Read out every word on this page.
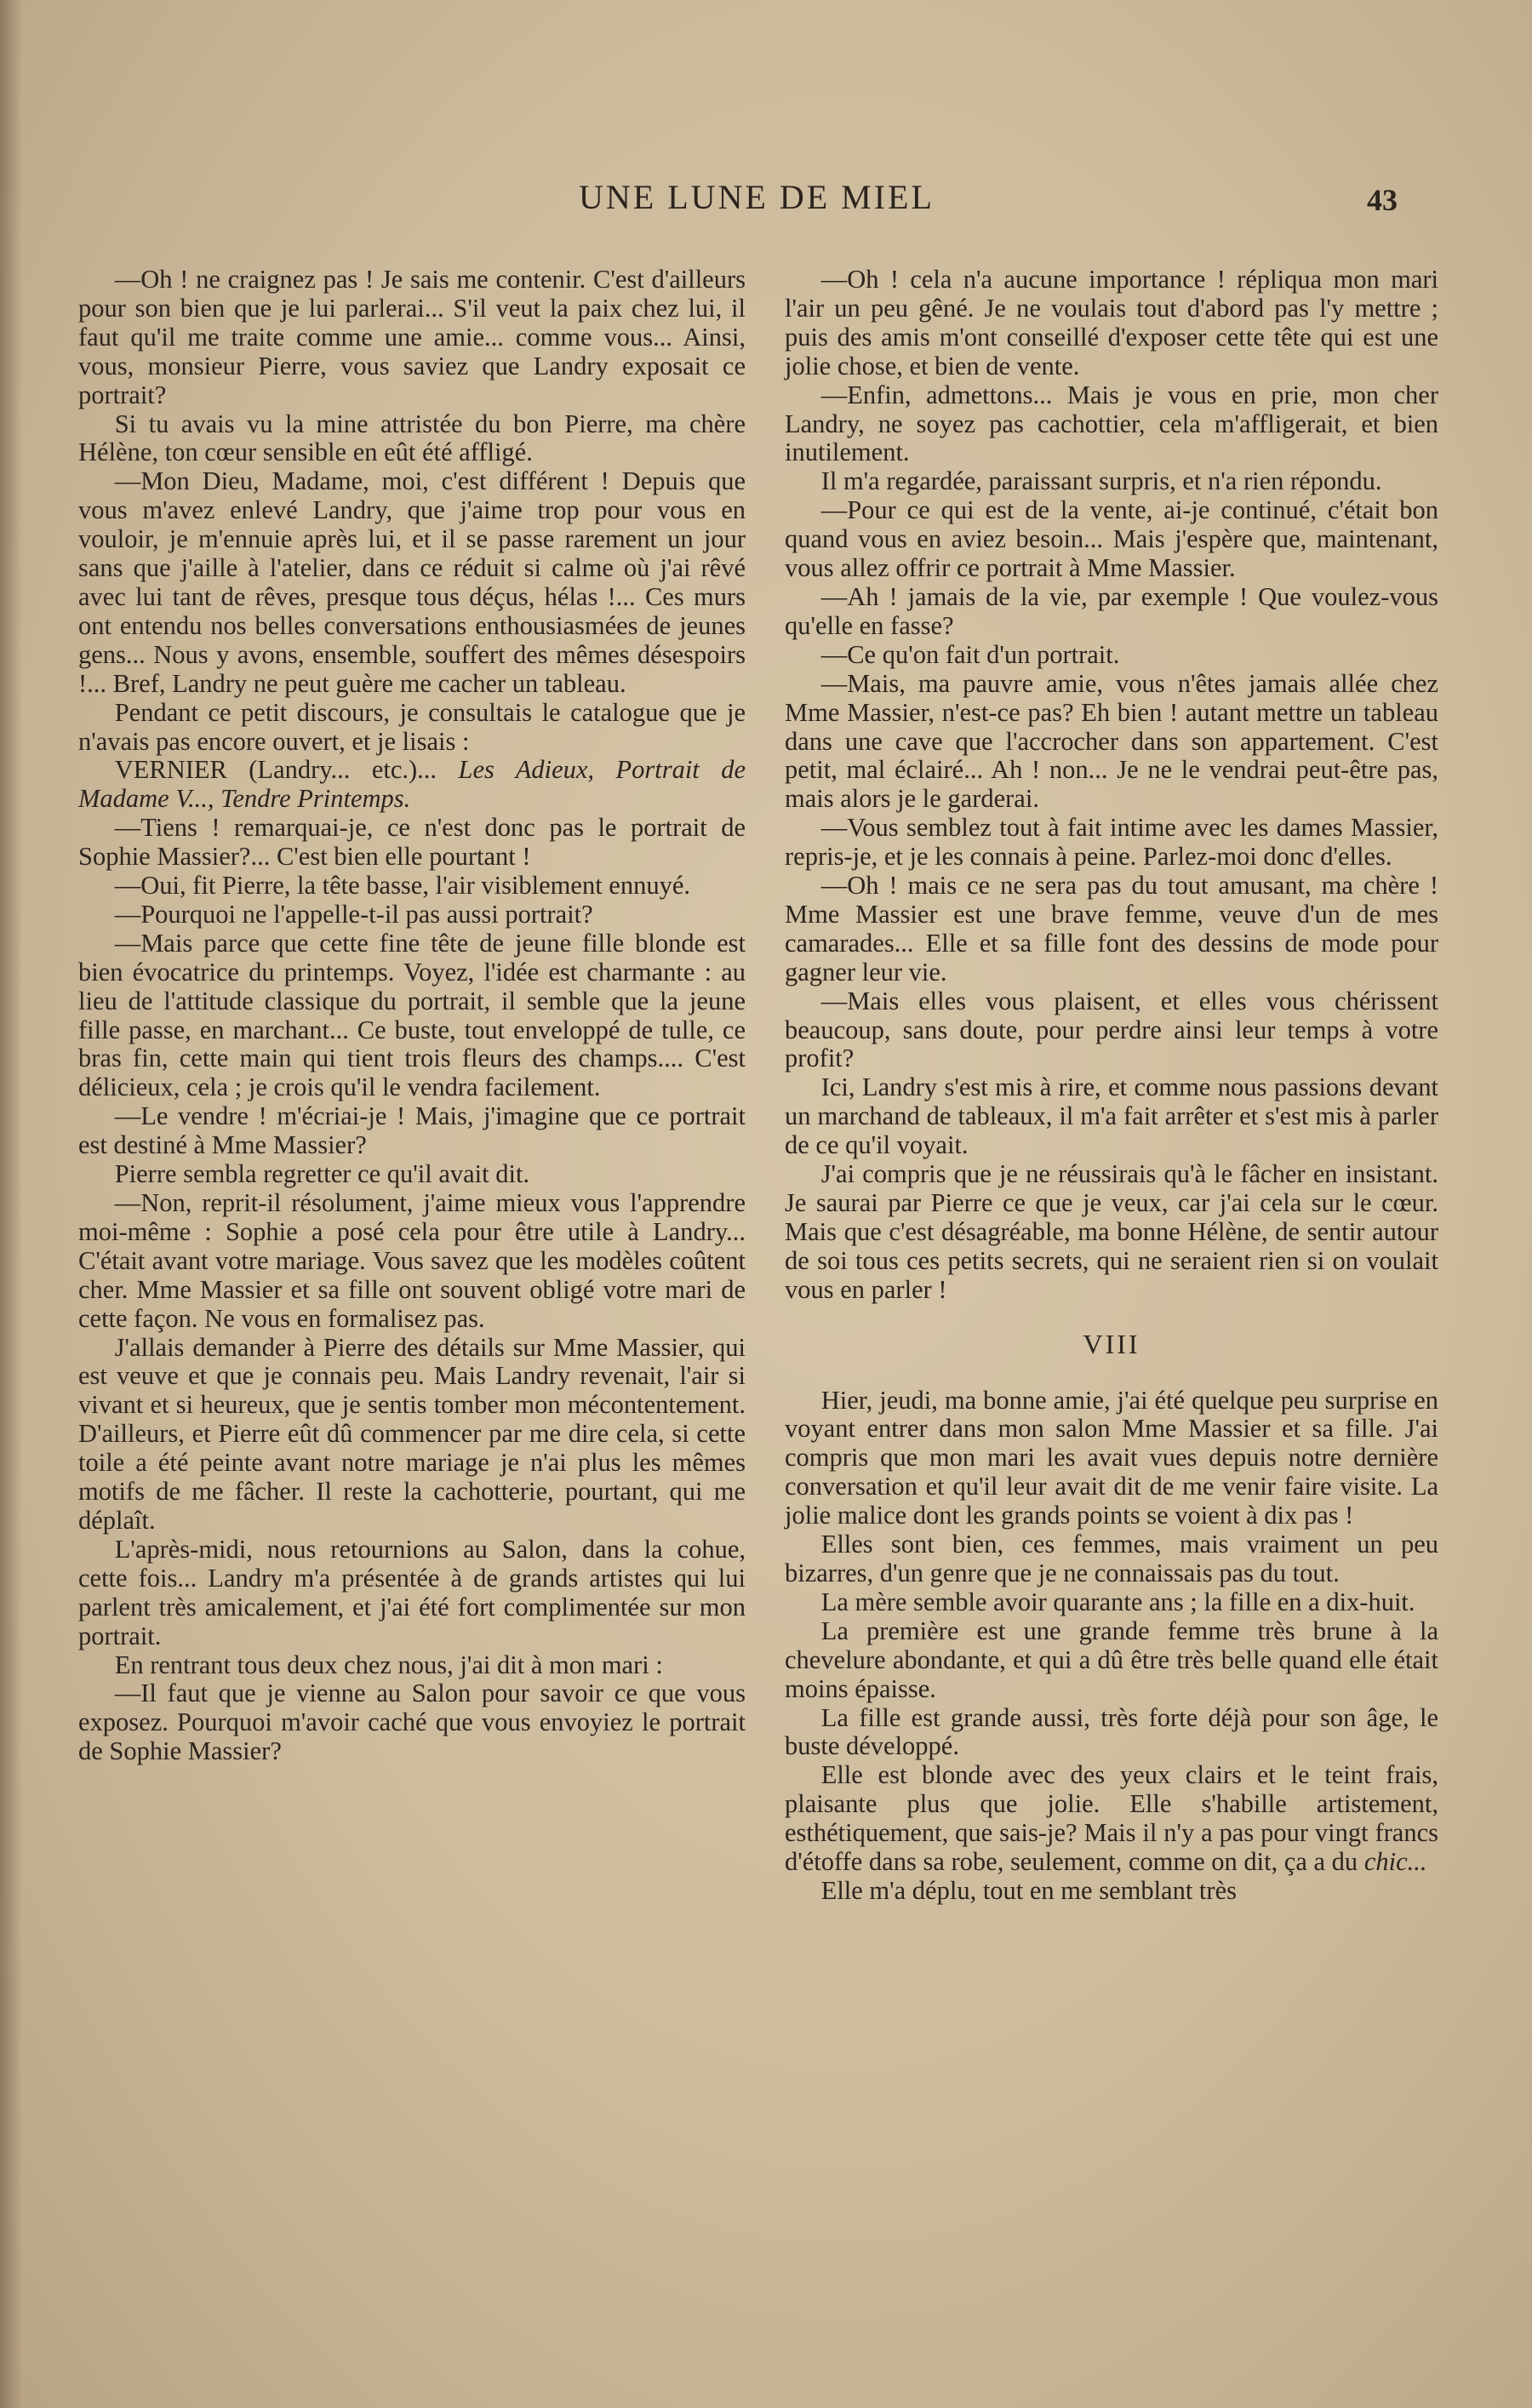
UNE LUNE DE MIEL	43

—Oh ! ne craignez pas ! Je sais me contenir. C'est d'ailleurs pour son bien que je lui parlerai... S'il veut la paix chez lui, il faut qu'il me traite comme une amie... comme vous... Ainsi, vous, monsieur Pierre, vous saviez que Landry exposait ce portrait?

Si tu avais vu la mine attristée du bon Pierre, ma chère Hélène, ton cœur sensible en eût été affligé.

—Mon Dieu, Madame, moi, c'est différent ! Depuis que vous m'avez enlevé Landry, que j'aime trop pour vous en vouloir, je m'ennuie après lui, et il se passe rarement un jour sans que j'aille à l'atelier, dans ce réduit si calme où j'ai rêvé avec lui tant de rêves, presque tous déçus, hélas !... Ces murs ont entendu nos belles conversations enthousiasmées de jeunes gens... Nous y avons, ensemble, souffert des mêmes désespoirs !... Bref, Landry ne peut guère me cacher un tableau.

Pendant ce petit discours, je consultais le catalogue que je n'avais pas encore ouvert, et je lisais :

VERNIER (Landry... etc.)... Les Adieux, Portrait de Madame V..., Tendre Printemps.

—Tiens ! remarquai-je, ce n'est donc pas le portrait de Sophie Massier?... C'est bien elle pourtant !

—Oui, fit Pierre, la tête basse, l'air visiblement ennuyé.

—Pourquoi ne l'appelle-t-il pas aussi portrait?

—Mais parce que cette fine tête de jeune fille blonde est bien évocatrice du printemps. Voyez, l'idée est charmante : au lieu de l'attitude classique du portrait, il semble que la jeune fille passe, en marchant... Ce buste, tout enveloppé de tulle, ce bras fin, cette main qui tient trois fleurs des champs.... C'est délicieux, cela ; je crois qu'il le vendra facilement.

—Le vendre ! m'écriai-je ! Mais, j'imagine que ce portrait est destiné à Mme Massier?

Pierre sembla regretter ce qu'il avait dit.

—Non, reprit-il résolument, j'aime mieux vous l'apprendre moi-même : Sophie a posé cela pour être utile à Landry... C'était avant votre mariage. Vous savez que les modèles coûtent cher. Mme Massier et sa fille ont souvent obligé votre mari de cette façon. Ne vous en formalisez pas.

J'allais demander à Pierre des détails sur Mme Massier, qui est veuve et que je connais peu. Mais Landry revenait, l'air si vivant et si heureux, que je sentis tomber mon mécontentement. D'ailleurs, et Pierre eût dû commencer par me dire cela, si cette toile a été peinte avant notre mariage je n'ai plus les mêmes motifs de me fâcher. Il reste la cachotterie, pourtant, qui me déplaît.

L'après-midi, nous retournions au Salon, dans la cohue, cette fois... Landry m'a présentée à de grands artistes qui lui parlent très amicalement, et j'ai été fort complimentée sur mon portrait.

En rentrant tous deux chez nous, j'ai dit à mon mari :

—Il faut que je vienne au Salon pour savoir ce que vous exposez. Pourquoi m'avoir caché que vous envoyiez le portrait de Sophie Massier?

—Oh ! cela n'a aucune importance ! répliqua mon mari l'air un peu gêné. Je ne voulais tout d'abord pas l'y mettre ; puis des amis m'ont conseillé d'exposer cette tête qui est une jolie chose, et bien de vente.

—Enfin, admettons... Mais je vous en prie, mon cher Landry, ne soyez pas cachottier, cela m'affligerait, et bien inutilement.

Il m'a regardée, paraissant surpris, et n'a rien répondu.

—Pour ce qui est de la vente, ai-je continué, c'était bon quand vous en aviez besoin... Mais j'espère que, maintenant, vous allez offrir ce portrait à Mme Massier.

—Ah ! jamais de la vie, par exemple ! Que voulez-vous qu'elle en fasse?

—Ce qu'on fait d'un portrait.

—Mais, ma pauvre amie, vous n'êtes jamais allée chez Mme Massier, n'est-ce pas? Eh bien ! autant mettre un tableau dans une cave que l'accrocher dans son appartement. C'est petit, mal éclairé... Ah ! non... Je ne le vendrai peut-être pas, mais alors je le garderai.

—Vous semblez tout à fait intime avec les dames Massier, repris-je, et je les connais à peine. Parlez-moi donc d'elles.

—Oh ! mais ce ne sera pas du tout amusant, ma chère ! Mme Massier est une brave femme, veuve d'un de mes camarades... Elle et sa fille font des dessins de mode pour gagner leur vie.

—Mais elles vous plaisent, et elles vous chérissent beaucoup, sans doute, pour perdre ainsi leur temps à votre profit?

Ici, Landry s'est mis à rire, et comme nous passions devant un marchand de tableaux, il m'a fait arrêter et s'est mis à parler de ce qu'il voyait.

J'ai compris que je ne réussirais qu'à le fâcher en insistant. Je saurai par Pierre ce que je veux, car j'ai cela sur le cœur. Mais que c'est désagréable, ma bonne Hélène, de sentir autour de soi tous ces petits secrets, qui ne seraient rien si on voulait vous en parler !

VIII

Hier, jeudi, ma bonne amie, j'ai été quelque peu surprise en voyant entrer dans mon salon Mme Massier et sa fille. J'ai compris que mon mari les avait vues depuis notre dernière conversation et qu'il leur avait dit de me venir faire visite. La jolie malice dont les grands points se voient à dix pas !

Elles sont bien, ces femmes, mais vraiment un peu bizarres, d'un genre que je ne connaissais pas du tout.

La mère semble avoir quarante ans ; la fille en a dix-huit.

La première est une grande femme très brune à la chevelure abondante, et qui a dû être très belle quand elle était moins épaisse.

La fille est grande aussi, très forte déjà pour son âge, le buste développé.

Elle est blonde avec des yeux clairs et le teint frais, plaisante plus que jolie. Elle s'habille artistement, esthétiquement, que sais-je? Mais il n'y a pas pour vingt francs d'étoffe dans sa robe, seulement, comme on dit, ça a du chic...

Elle m'a déplu, tout en me semblant très
